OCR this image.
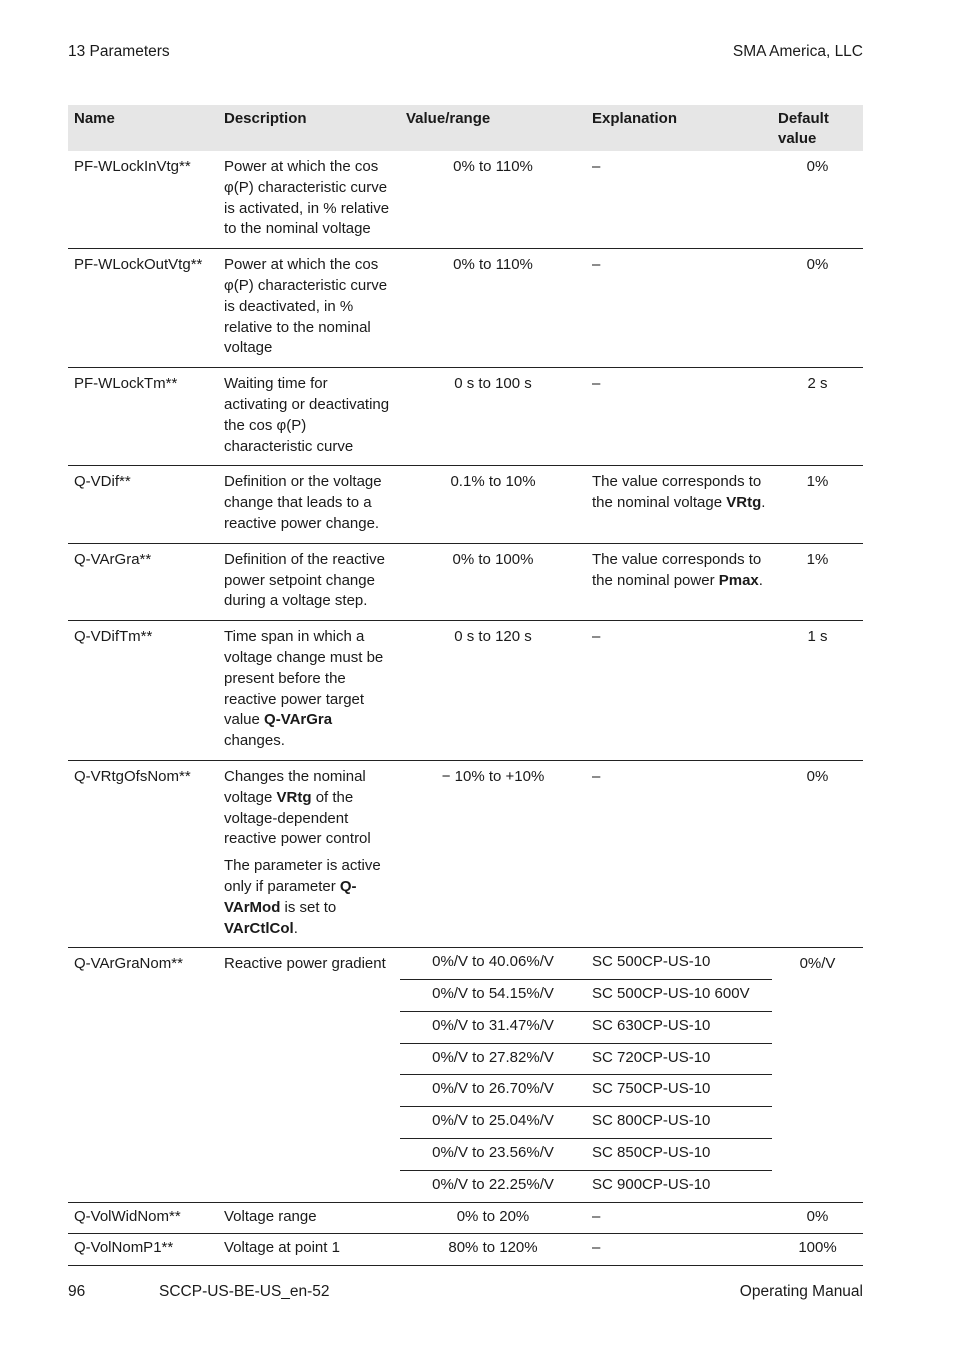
13 Parameters	SMA America, LLC
Name	Description	Value/range	Explanation	Default value
PF-WLockInVtg**	Power at which the cos φ(P) characteristic curve is activated, in % relative to the nominal voltage	0% to 110%	–	0%
PF-WLockOutVtg**	Power at which the cos φ(P) characteristic curve is deactivated, in % relative to the nominal voltage	0% to 110%	–	0%
PF-WLockTm**	Waiting time for activating or deactivating the cos φ(P) characteristic curve	0 s to 100 s	–	2 s
Q-VDif**	Definition or the voltage change that leads to a reactive power change.	0.1% to 10%	The value corresponds to the nominal voltage VRtg.	1%
Q-VArGra**	Definition of the reactive power setpoint change during a voltage step.	0% to 100%	The value corresponds to the nominal power Pmax.	1%
Q-VDifTm**	Time span in which a voltage change must be present before the reactive power target value Q-VArGra changes.	0 s to 120 s	–	1 s
Q-VRtgOfsNom**	Changes the nominal voltage VRtg of the voltage-dependent reactive power control

The parameter is active only if parameter Q-VArMod is set to VArCtlCol.	− 10% to +10%	–	0%
Q-VArGraNom**	Reactive power gradient	0%/V to 40.06%/V	SC 500CP-US-10	0%/V
		0%/V to 54.15%/V	SC 500CP-US-10 600V	
		0%/V to 31.47%/V	SC 630CP-US-10	
		0%/V to 27.82%/V	SC 720CP-US-10	
		0%/V to 26.70%/V	SC 750CP-US-10	
		0%/V to 25.04%/V	SC 800CP-US-10	
		0%/V to 23.56%/V	SC 850CP-US-10	
		0%/V to 22.25%/V	SC 900CP-US-10	
Q-VolWidNom**	Voltage range	0% to 20%	–	0%
Q-VolNomP1**	Voltage at point 1	80% to 120%	–	100%
96	SCCP-US-BE-US_en-52	Operating Manual
